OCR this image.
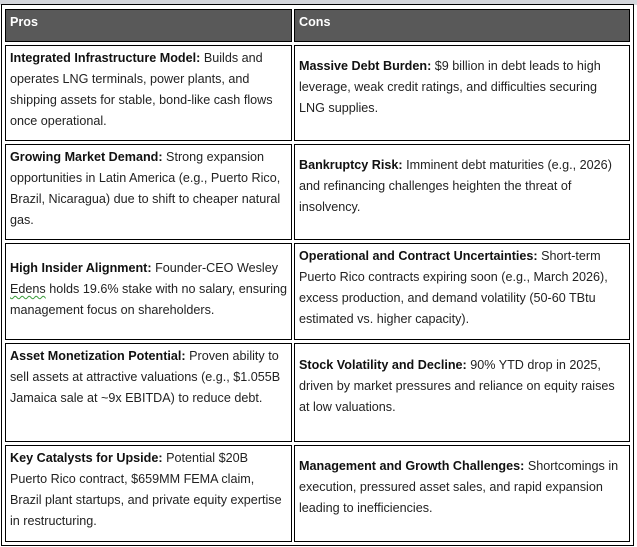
Pros	Cons
Integrated Infrastructure Model: Builds and operates LNG terminals, power plants, and shipping assets for stable, bond-like cash flows once operational.	Massive Debt Burden: $9 billion in debt leads to high leverage, weak credit ratings, and difficulties securing LNG supplies.
Growing Market Demand: Strong expansion opportunities in Latin America (e.g., Puerto Rico, Brazil, Nicaragua) due to shift to cheaper natural gas.	Bankruptcy Risk: Imminent debt maturities (e.g., 2026) and refinancing challenges heighten the threat of insolvency.
High Insider Alignment: Founder-CEO Wesley Edens holds 19.6% stake with no salary, ensuring management focus on shareholders.	Operational and Contract Uncertainties: Short-term Puerto Rico contracts expiring soon (e.g., March 2026), excess production, and demand volatility (50-60 TBtu estimated vs. higher capacity).
Asset Monetization Potential: Proven ability to sell assets at attractive valuations (e.g., $1.055B Jamaica sale at ~9x EBITDA) to reduce debt.	Stock Volatility and Decline: 90% YTD drop in 2025, driven by market pressures and reliance on equity raises at low valuations.
Key Catalysts for Upside: Potential $20B Puerto Rico contract, $659MM FEMA claim, Brazil plant startups, and private equity expertise in restructuring.	Management and Growth Challenges: Shortcomings in execution, pressured asset sales, and rapid expansion leading to inefficiencies.
